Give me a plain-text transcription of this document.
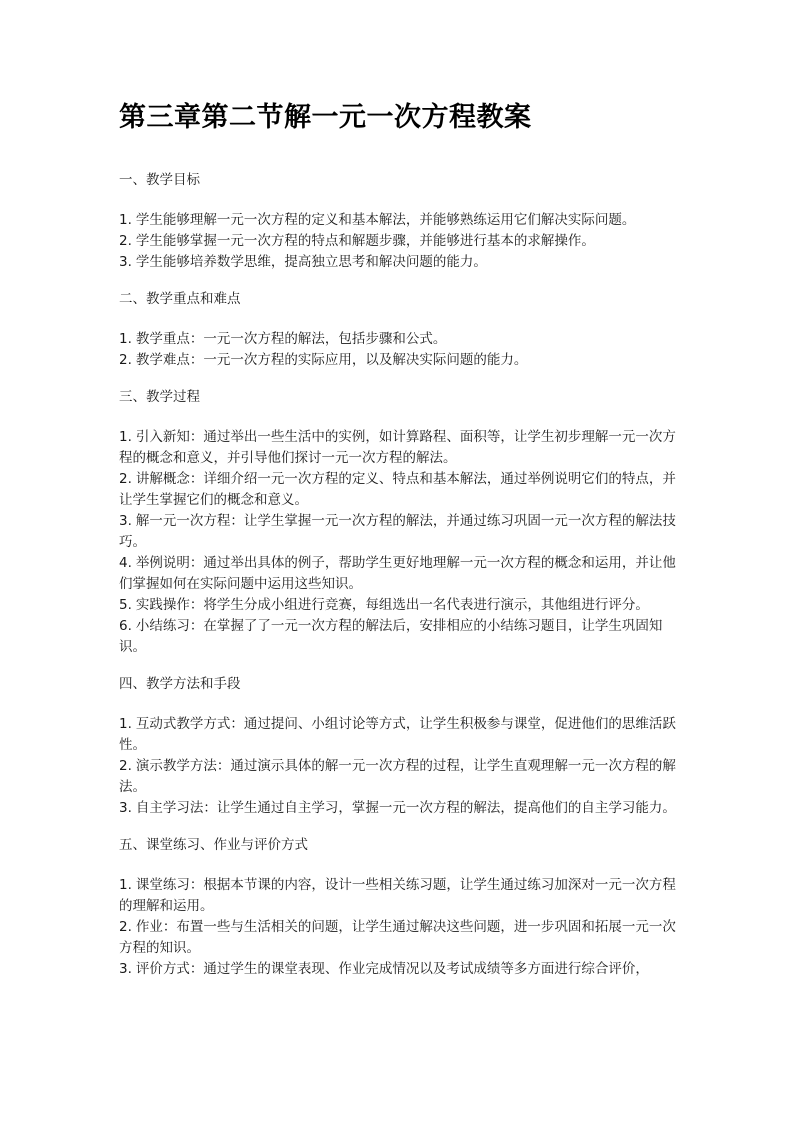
第三章第二节解一元一次方程教案
一、教学目标
1. 学生能够理解一元一次方程的定义和基本解法，并能够熟练运用它们解决实际问题。
2. 学生能够掌握一元一次方程的特点和解题步骤，并能够进行基本的求解操作。
3. 学生能够培养数学思维，提高独立思考和解决问题的能力。
二、教学重点和难点
1. 教学重点：一元一次方程的解法，包括步骤和公式。
2. 教学难点：一元一次方程的实际应用，以及解决实际问题的能力。
三、教学过程
1. 引入新知：通过举出一些生活中的实例，如计算路程、面积等，让学生初步理解一元一次方程的概念和意义，并引导他们探讨一元一次方程的解法。
2. 讲解概念：详细介绍一元一次方程的定义、特点和基本解法，通过举例说明它们的特点，并让学生掌握它们的概念和意义。
3. 解一元一次方程：让学生掌握一元一次方程的解法，并通过练习巩固一元一次方程的解法技巧。
4. 举例说明：通过举出具体的例子，帮助学生更好地理解一元一次方程的概念和运用，并让他们掌握如何在实际问题中运用这些知识。
5. 实践操作：将学生分成小组进行竞赛，每组选出一名代表进行演示，其他组进行评分。
6. 小结练习：在掌握了了一元一次方程的解法后，安排相应的小结练习题目，让学生巩固知识。
四、教学方法和手段
1. 互动式教学方式：通过提问、小组讨论等方式，让学生积极参与课堂，促进他们的思维活跃性。
2. 演示教学方法：通过演示具体的解一元一次方程的过程，让学生直观理解一元一次方程的解法。
3. 自主学习法：让学生通过自主学习，掌握一元一次方程的解法，提高他们的自主学习能力。
五、课堂练习、作业与评价方式
1. 课堂练习：根据本节课的内容，设计一些相关练习题，让学生通过练习加深对一元一次方程的理解和运用。
2. 作业：布置一些与生活相关的问题，让学生通过解决这些问题，进一步巩固和拓展一元一次方程的知识。
3. 评价方式：通过学生的课堂表现、作业完成情况以及考试成绩等多方面进行综合评价，
